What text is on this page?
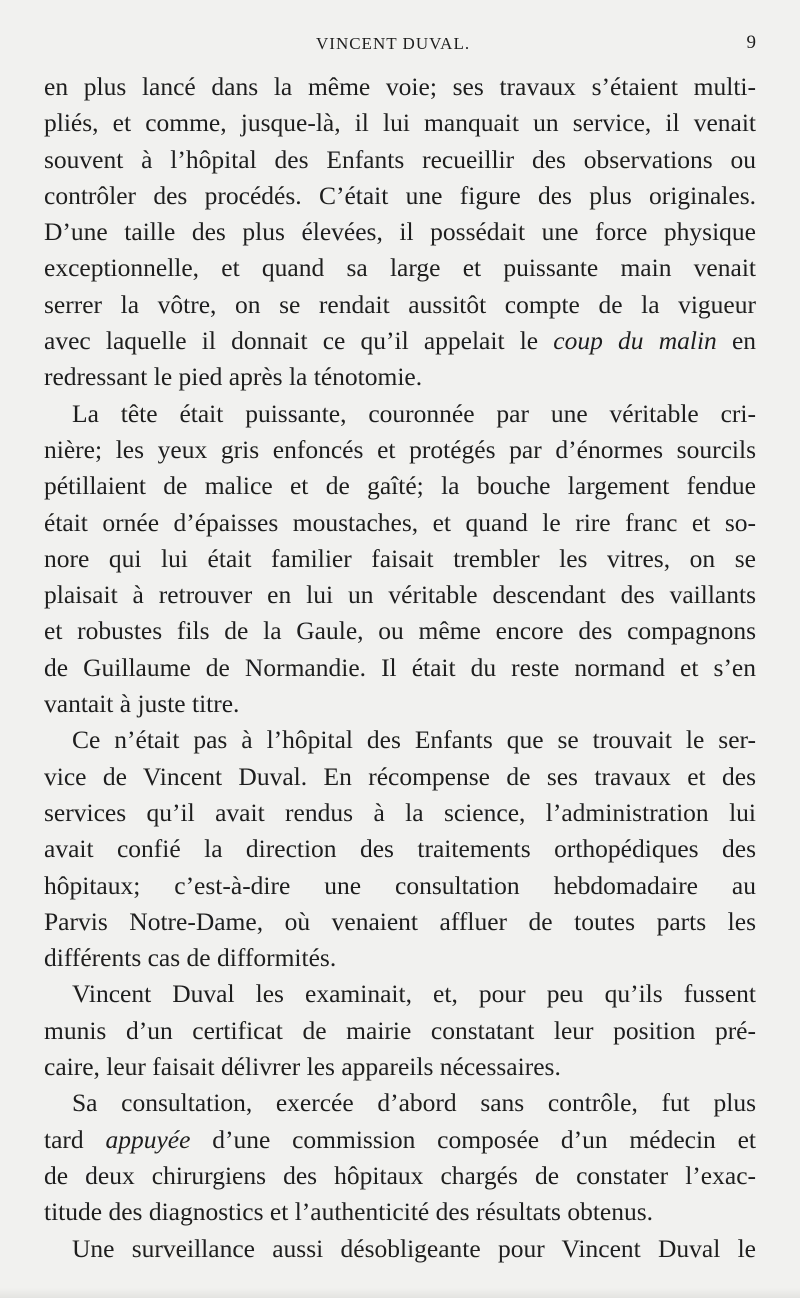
VINCENT DUVAL.	9
en plus lancé dans la même voie; ses travaux s’étaient multi-
pliés, et comme, jusque-là, il lui manquait un service, il venait
souvent à l’hôpital des Enfants recueillir des observations ou
contrôler des procédés. C’était une figure des plus originales.
D’une taille des plus élevées, il possédait une force physique
exceptionnelle, et quand sa large et puissante main venait
serrer la vôtre, on se rendait aussitôt compte de la vigueur
avec laquelle il donnait ce qu’il appelait le coup du malin en
redressant le pied après la ténotomie.
La tête était puissante, couronnée par une véritable cri-
nière; les yeux gris enfoncés et protégés par d’énormes sourcils
pétillaient de malice et de gaîté; la bouche largement fendue
était ornée d’épaisses moustaches, et quand le rire franc et so-
nore qui lui était familier faisait trembler les vitres, on se
plaisait à retrouver en lui un véritable descendant des vaillants
et robustes fils de la Gaule, ou même encore des compagnons
de Guillaume de Normandie. Il était du reste normand et s’en
vantait à juste titre.
Ce n’était pas à l’hôpital des Enfants que se trouvait le ser-
vice de Vincent Duval. En récompense de ses travaux et des
services qu’il avait rendus à la science, l’administration lui
avait confié la direction des traitements orthopédiques des
hôpitaux; c’est-à-dire une consultation hebdomadaire au
Parvis Notre-Dame, où venaient affluer de toutes parts les
différents cas de difformités.
Vincent Duval les examinait, et, pour peu qu’ils fussent
munis d’un certificat de mairie constatant leur position pré-
caire, leur faisait délivrer les appareils nécessaires.
Sa consultation, exercée d’abord sans contrôle, fut plus
tard appuyée d’une commission composée d’un médecin et
de deux chirurgiens des hôpitaux chargés de constater l’exac-
titude des diagnostics et l’authenticité des résultats obtenus.
Une surveillance aussi désobligeante pour Vincent Duval le
